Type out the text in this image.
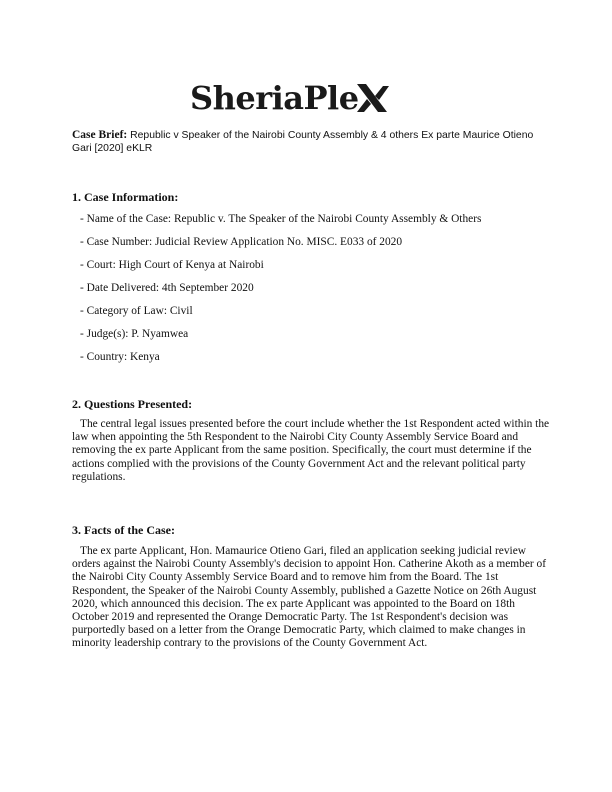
SheriaPle
Case Brief: Republic v Speaker of the Nairobi County Assembly & 4 others Ex parte Maurice Otieno Gari [2020] eKLR
1. Case Information:
- Name of the Case: Republic v. The Speaker of the Nairobi County Assembly & Others
- Case Number: Judicial Review Application No. MISC. E033 of 2020
- Court: High Court of Kenya at Nairobi
- Date Delivered: 4th September 2020
- Category of Law: Civil
- Judge(s): P. Nyamwea
- Country: Kenya
2. Questions Presented:

The central legal issues presented before the court include whether the 1st Respondent acted within the law when appointing the 5th Respondent to the Nairobi City County Assembly Service Board and removing the ex parte Applicant from the same position. Specifically, the court must determine if the actions complied with the provisions of the County Government Act and the relevant political party regulations.

3. Facts of the Case:

The ex parte Applicant, Hon. Mamaurice Otieno Gari, filed an application seeking judicial review orders against the Nairobi County Assembly's decision to appoint Hon. Catherine Akoth as a member of the Nairobi City County Assembly Service Board and to remove him from the Board. The 1st Respondent, the Speaker of the Nairobi County Assembly, published a Gazette Notice on 26th August 2020, which announced this decision. The ex parte Applicant was appointed to the Board on 18th October 2019 and represented the Orange Democratic Party. The 1st Respondent's decision was purportedly based on a letter from the Orange Democratic Party, which claimed to make changes in minority leadership contrary to the provisions of the County Government Act.
